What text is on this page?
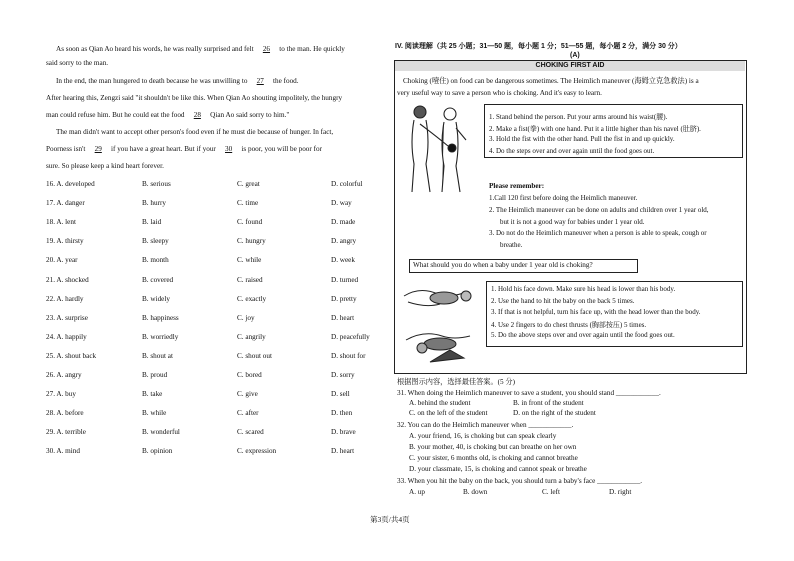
As soon as Qian Ao heard his words, he was really surprised and felt 26 to the man. He quickly
said sorry to the man.
In the end, the man hungered to death because he was unwilling to 27 the food.
After hearing this, Zengzi said "it shouldn't be like this. When Qian Ao shouting impolitely, the hungry
man could refuse him. But he could eat the food 28 Qian Ao said sorry to him."
The man didn't want to accept other person's food even if he must die because of hunger. In fact,
Poorness isn't 29 if you have a great heart. But if your 30 is poor, you will be poor for
sure. So please keep a kind heart forever.
16. A. developed	B. serious	C. great	D. colorful
17. A. danger	B. hurry	C. time	D. way
18. A. lent	B. laid	C. found	D. made
19. A. thirsty	B. sleepy	C. hungry	D. angry
20. A. year	B. month	C. while	D. week
21. A. shocked	B. covered	C. raised	D. turned
22. A. hardly	B. widely	C. exactly	D. pretty
23. A. surprise	B. happiness	C. joy	D. heart
24. A. happily	B. worriedly	C. angrily	D. peacefully
25. A. shout back	B. shout at	C. shout out	D. shout for
26. A. angry	B. proud	C. bored	D. sorry
27. A. buy	B. take	C. give	D. sell
28. A. before	B. while	C. after	D. then
29. A. terrible	B. wonderful	C. scared	D. brave
30. A. mind	B. opinion	C. expression	D. heart
IV. 阅读理解（共 25 小题；31—50 题，每小题 1 分；51—55 题，每小题 2 分，满分 30 分）
(A)
CHOKING FIRST AID
Choking (噎住) on food can be dangerous sometimes. The Heimlich maneuver (海姆立克急救法) is a
very useful way to save a person who is choking. And it's easy to learn.
1. Stand behind the person. Put your arms around his waist(腰).
2. Make a fist(拳) with one hand. Put it a little higher than his navel (肚脐).
3. Hold the fist with the other hand. Pull the fist in and up quickly.
4. Do the steps over and over again until the food goes out.
Please remember:
1.Call 120 first before doing the Heimlich maneuver.
2. The Heimlich maneuver can be done on adults and children over 1 year old,
but it is not a good way for babies under 1 year old.
3. Do not do the Heimlich maneuver when a person is able to speak, cough or
breathe.
What should you do when a baby under 1 year old is choking?
1. Hold his face down. Make sure his head is lower than his body.
2. Use the hand to hit the baby on the back 5 times.
3. If that is not helpful, turn his face up, with the head lower than the body.
4. Use 2 fingers to do chest thrusts (胸部按压) 5 times.
5. Do the above steps over and over again until the food goes out.
根据图示内容，选择最佳答案。(5 分)
31. When doing the Heimlich maneuver to save a student, you should stand ____________.
A. behind the student	B. in front of the student
C. on the left of the student	D. on the right of the student
32. You can do the Heimlich maneuver when ____________.
A. your friend, 16, is choking but can speak clearly
B. your mother, 40, is choking but can breathe on her own
C. your sister, 6 months old, is choking and cannot breathe
D. your classmate, 15, is choking and cannot speak or breathe
33. When you hit the baby on the back, you should turn a baby's face ____________.
A. up	B. down	C. left	D. right
第3页/共4页
